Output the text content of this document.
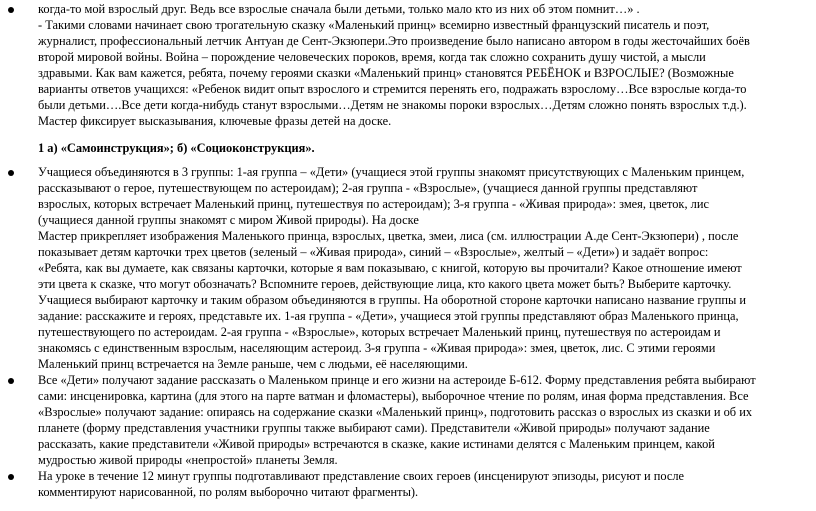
когда-то мой взрослый друг. Ведь все взрослые сначала были детьми, только мало кто из них об этом помнит…» .
- Такими словами начинает свою трогательную сказку «Маленький принц» всемирно известный французский писатель и поэт,
журналист, профессиональный летчик Антуан де Сент-Экзюпери.Это произведение было написано автором в годы жесточайших боёв
второй мировой войны. Война – порождение человеческих пороков, время, когда так сложно сохранить душу чистой, а мысли
здравыми. Как вам кажется, ребята, почему героями сказки «Маленький принц» становятся РЕБЁНОК и ВЗРОСЛЫЕ? (Возможные
варианты ответов учащихся: «Ребенок видит опыт взрослого и стремится перенять его, подражать взрослому…Все взрослые когда-то
были детьми….Все дети когда-нибудь станут взрослыми…Детям не знакомы пороки взрослых…Детям сложно понять взрослых т.д.).
Мастер фиксирует высказывания, ключевые фразы детей на доске.
1 а) «Самоинструкция»; б) «Социоконструкция».
Учащиеся объединяются в 3 группы: 1-ая группа – «Дети» (учащиеся этой группы знакомят присутствующих с Маленьким принцем,
рассказывают о герое, путешествующем по астероидам); 2-ая группа - «Взрослые», (учащиеся данной группы представляют
взрослых, которых встречает Маленький принц, путешествуя по астероидам); 3-я группа - «Живая природа»: змея, цветок, лис
(учащиеся данной группы знакомят с миром Живой природы). На доске
Мастер прикрепляет изображения Маленького принца, взрослых, цветка, змеи, лиса (см. иллюстрации А.де Сент-Экзюпери) , после
показывает детям карточки трех цветов (зеленый – «Живая природа», синий – «Взрослые», желтый – «Дети») и задаёт вопрос:
«Ребята, как вы думаете, как связаны карточки, которые я вам показываю, с книгой, которую вы прочитали? Какое отношение имеют
эти цвета к сказке, что могут обозначать? Вспомните героев, действующие лица, кто какого цвета может быть? Выберите карточку.
Учащиеся выбирают карточку и таким образом объединяются в группы. На оборотной стороне карточки написано название группы и
задание: расскажите и героях, представьте их. 1-ая группа - «Дети», учащиеся этой группы представляют образ Маленького принца,
путешествующего по астероидам. 2-ая группа - «Взрослые», которых встречает Маленький принц, путешествуя по астероидам и
знакомясь с единственным взрослым, населяющим астероид. 3-я группа - «Живая природа»: змея, цветок, лис. С этими героями
Маленький принц встречается на Земле раньше, чем с людьми, её населяющими.
Все «Дети» получают задание рассказать о Маленьком принце и его жизни на астероиде Б-612. Форму представления ребята выбирают
сами: инсценировка, картина (для этого на парте ватман и фломастеры), выборочное чтение по ролям, иная форма представления. Все
«Взрослые» получают задание: опираясь на содержание сказки «Маленький принц», подготовить рассказ о взрослых из сказки и об их
планете (форму представления участники группы также выбирают сами). Представители «Живой природы» получают задание
рассказать, какие представители «Живой природы» встречаются в сказке, какие истинами делятся с Маленьким принцем, какой
мудростью живой природы «непростой» планеты Земля.
На уроке в течение 12 минут группы подготавливают представление своих героев (инсценируют эпизоды, рисуют и после
комментируют нарисованной, по ролям выборочно читают фрагменты).
